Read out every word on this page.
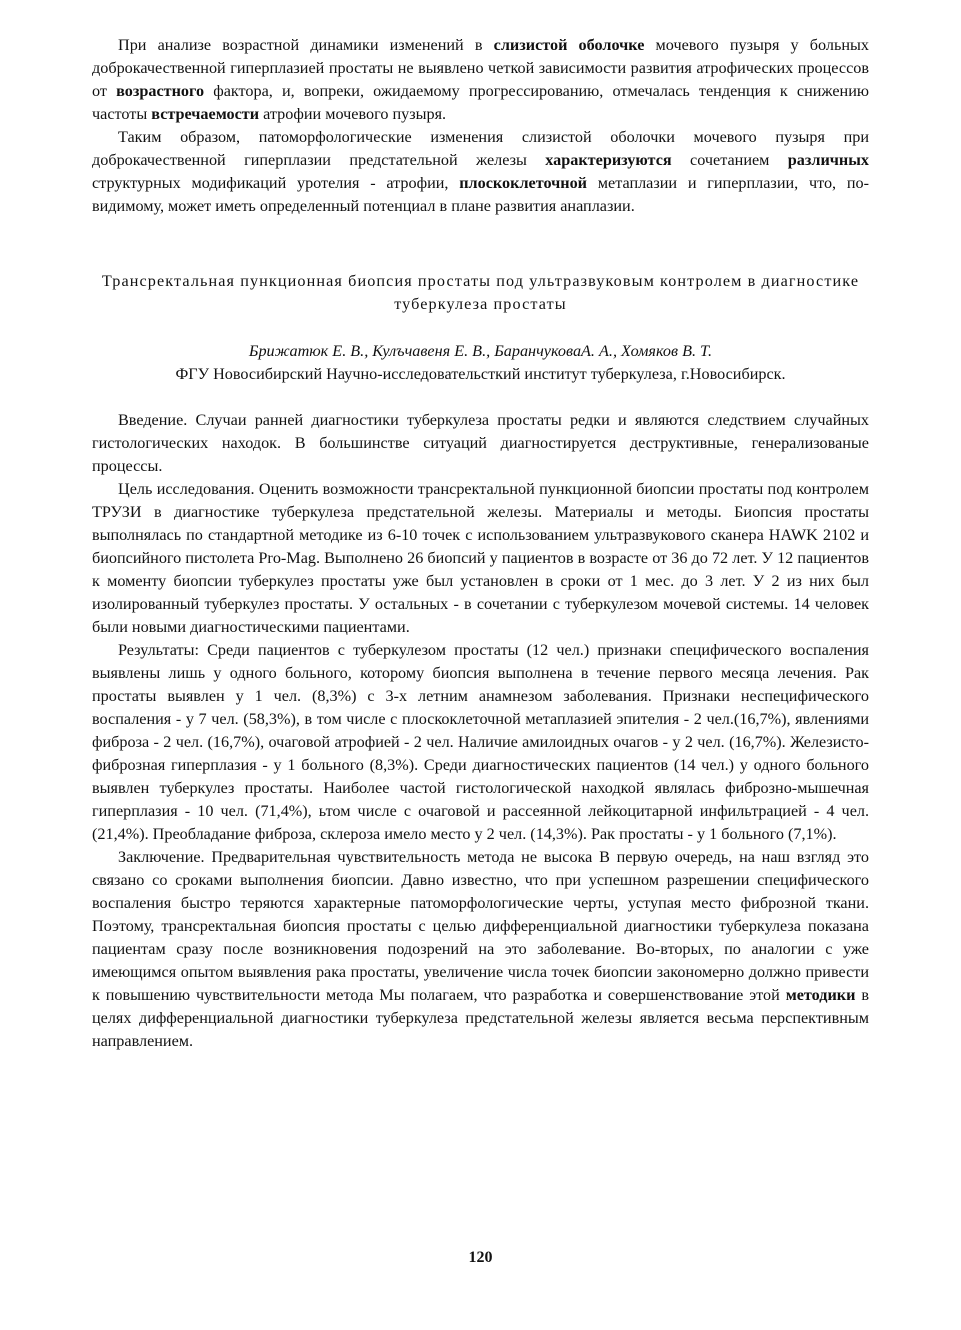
При анализе возрастной динамики изменений в слизистой оболочке мочевого пузыря у больных доброкачественной гиперплазией простаты не выявлено четкой зависимости развития атрофических процессов от возрастного фактора, и, вопреки, ожидаемому прогрессированию, отмечалась тенденция к снижению частоты встречаемости атрофии мочевого пузыря.

Таким образом, патоморфологические изменения слизистой оболочки мочевого пузыря при доброкачественной гиперплазии предстательной железы характеризуются сочетанием различных структурных модификаций уротелия - атрофии, плоскоклеточной метаплазии и гиперплазии, что, по-видимому, может иметь определенный потенциал в плане развития анаплазии.

Трансректальная пункционная биопсия простаты под ультразвуковым контролем в диагностике туберкулеза простаты

Брижатюк Е. В., Кулъчавеня Е. В., БаранчуковаА. А., Хомяков В. Т.

ФГУ Новосибирский Научно-исследовательсткий институт туберкулеза, г.Новосибирск.

Введение. Случаи ранней диагностики туберкулеза простаты редки и являются следствием случайных гистологических находок. В большинстве ситуаций диагностируется деструктивные, генерализованые процессы.

Цель исследования. Оценить возможности трансректальной пункционной биопсии простаты под контролем ТРУЗИ в диагностике туберкулеза предстательной железы. Материалы и методы. Биопсия простаты выполнялась по стандартной методике из 6-10 точек с использованием ультразвукового сканера HAWK 2102 и биопсийного пистолета Pro-Mag. Выполнено 26 биопсий у пациентов в возрасте от 36 до 72 лет. У 12 пациентов к моменту биопсии туберкулез простаты уже был установлен в сроки от 1 мес. до 3 лет. У 2 из них был изолированный туберкулез простаты. У остальных - в сочетании с туберкулезом мочевой системы. 14 человек были новыми диагностическими пациентами.

Результаты: Среди пациентов с туберкулезом простаты (12 чел.) признаки специфического воспаления выявлены лишь у одного больного, которому биопсия выполнена в течение первого месяца лечения. Рак простаты выявлен у 1 чел. (8,3%) с 3-х летним анамнезом заболевания. Признаки неспецифического воспаления - у 7 чел. (58,3%), в том числе с плоскоклеточной метаплазией эпителия - 2 чел.(16,7%), явлениями фиброза - 2 чел. (16,7%), очаговой атрофией - 2 чел. Наличие амилоидных очагов - у 2 чел. (16,7%). Железисто-фиброзная гиперплазия - у 1 больного (8,3%). Среди диагностических пациентов (14 чел.) у одного больного выявлен туберкулез простаты. Наиболее частой гистологической находкой являлась фиброзно-мышечная гиперплазия - 10 чел. (71,4%), ьтом числе с очаговой и рассеянной лейкоцитарной инфильтрацией - 4 чел. (21,4%). Преобладание фиброза, склероза имело место у 2 чел. (14,3%). Рак простаты - у 1 больного (7,1%).

Заключение. Предварительная чувствительность метода не высока В первую очередь, на наш взгляд это связано со сроками выполнения биопсии. Давно известно, что при успешном разрешении специфического воспаления быстро теряются характерные патоморфологические черты, уступая место фиброзной ткани. Поэтому, трансректальная биопсия простаты с целью дифференциальной диагностики туберкулеза показана пациентам сразу после возникновения подозрений на это заболевание. Во-вторых, по аналогии с уже имеющимся опытом выявления рака простаты, увеличение числа точек биопсии закономерно должно привести к повышению чувствительности метода Мы полагаем, что разработка и совершенствование этой методики в целях дифференциальной диагностики туберкулеза предстательной железы является весьма перспективным направлением.

120
